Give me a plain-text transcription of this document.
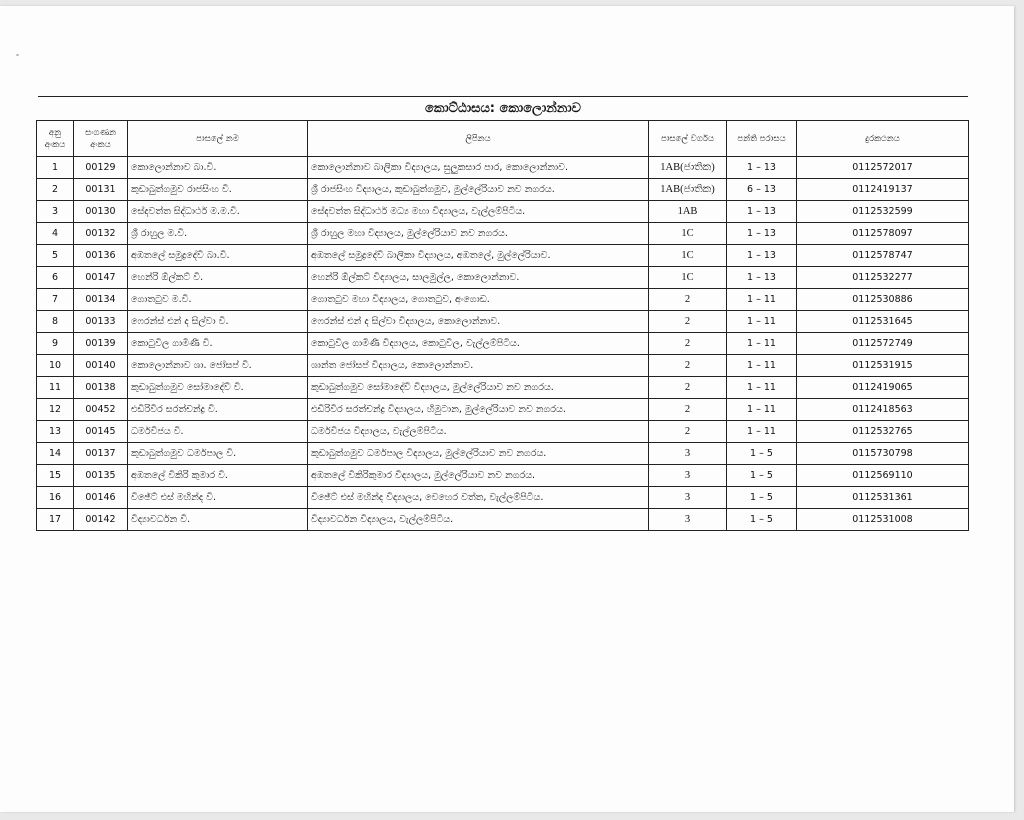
කොට්ඨාසය: කොලොන්නාව
අනු අංකය	සංගණන අංකය	පාසලේ නම	ලිපිනය	පාසලේ වර්ගය	පන්ති පරාසය	දුරකථනය
1	00129	කොලොන්නාව බා.වි.	කොලොන්නාව බාලිකා විද්‍යාලය, සුලුකසාර පාර, කොලොන්නාව.	1AB(ජාතික)	1 – 13	0112572017
2	00131	කුඩාබුත්ගමුව රාජසිංහ වි.	ශ්‍රී රාජසිංහ විද්‍යාලය, කුඩාබුත්ගමුව, මුල්ලේරියාව නව නගරය.	1AB(ජාතික)	6 – 13	0112419137
3	00130	සේදවත්ත සිද්ධාර්ථ ම.ම.වි.	සේදවත්ත සිද්ධාර්ථ මධ්‍ය මහා විද්‍යාලය, වැල්ලම්පිටිය.	1AB	1 – 13	0112532599
4	00132	ශ්‍රී රාහුල ම.වි.	ශ්‍රී රාහුල මහා විද්‍යාලය, මුල්ලේරියාව නව නගරය.	1C	1 – 13	0112578097
5	00136	අඹතලේ සමුද්‍රදේවි බා.වි.	අඹතලේ සමුද්‍රදේවි බාලිකා විද්‍යාලය, අඹතලේ, මුල්ලේරියාව.	1C	1 – 13	0112578747
6	00147	හෙන්රි ඕල්කට් වි.	හෙන්රි ඕල්කට් විද්‍යාලය, සාලමුල්ල, කොලොන්නාව.	1C	1 – 13	0112532277
7	00134	ගොතටුව ම.වි.	ගොතටුව මහා විද්‍යාලය, ගොතටුව, අංගොඩ.	2	1 – 11	0112530886
8	00133	ෆෙරන්ස් එන් ද සිල්වා වි.	ෆෙරන්ස් එන් ද සිල්වා විද්‍යාලය, කොලොන්නාව.	2	1 – 11	0112531645
9	00139	කොටුවිල ගාමිණී වි.	කොටුවිල ගාමිණී විද්‍යාලය, කොටුවිල, වැල්ලම්පිටිය.	2	1 – 11	0112572749
10	00140	කොලොන්නාව ශා. ජෝසප් වි.	ශාන්ත ජෝසප් විද්‍යාලය, කොලොන්නාව.	2	1 – 11	0112531915
11	00138	කුඩාබුත්ගමුව සෝමාදේවි වි.	කුඩාබුත්ගමුව සෝමාදේවි විද්‍යාලය, මුල්ලේරියාව නව නගරය.	2	1 – 11	0112419065
12	00452	එඩිරිවීර සරත්චන්ද්‍ර වි.	එඩිරිවීර සරත්චන්ද්‍ර විද්‍යාලය, හිමුටාන, මුල්ලේරියාව නව නගරය.	2	1 – 11	0112418563
13	00145	ධර්මවිජය වි.	ධර්මවිජය විද්‍යාලය, වැල්ලම්පිටිය.	2	1 – 11	0112532765
14	00137	කුඩාබුත්ගමුව ධර්මපාල වි.	කුඩාබුත්ගමුව ධර්මපාල විද්‍යාලය, මුල්ලේරියාව නව නගරය.	3	1 – 5	0115730798
15	00135	අඹතලේ විකිරි කුමාර වි.	අඹතලේ විකිරිකුමාර විද්‍යාලය, මුල්ලේරියාව නව නගරය.	3	1 – 5	0112569110
16	00146	විඡේට් එස් මහින්ද වි.	විඡේට් එස් මහින්ද විද්‍යාලය, වෙහෙර වත්ත, වැල්ලම්පිටිය.	3	1 – 5	0112531361
17	00142	විද්‍යාවර්ධන වි.	විද්‍යාවර්ධන විද්‍යාලය, වැල්ලම්පිටිය.	3	1 – 5	0112531008
